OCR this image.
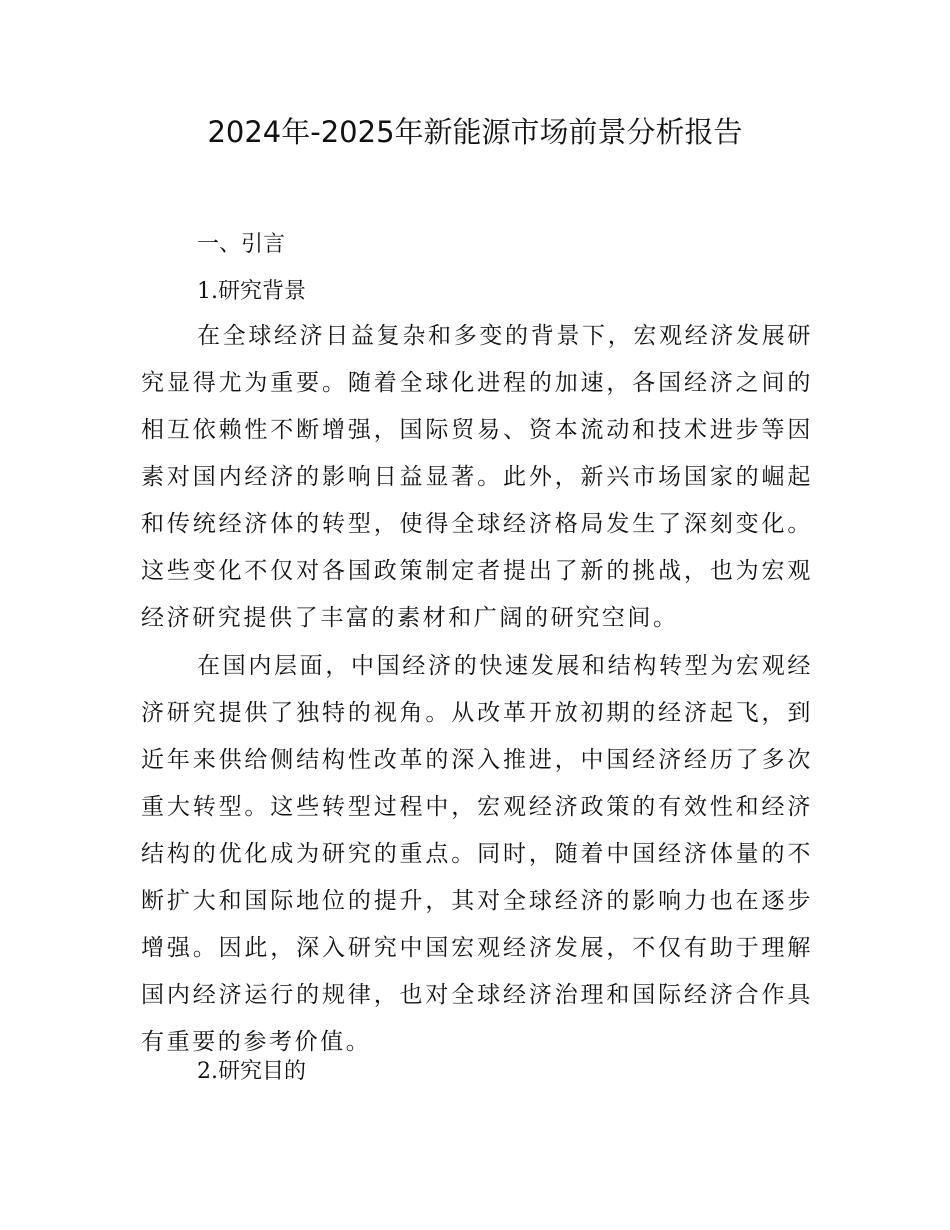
2024年-2025年新能源市场前景分析报告
一、引言
1.研究背景

在全球经济日益复杂和多变的背景下，宏观经济发展研究显得尤为重要。随着全球化进程的加速，各国经济之间的相互依赖性不断增强，国际贸易、资本流动和技术进步等因素对国内经济的影响日益显著。此外，新兴市场国家的崛起和传统经济体的转型，使得全球经济格局发生了深刻变化。这些变化不仅对各国政策制定者提出了新的挑战，也为宏观经济研究提供了丰富的素材和广阔的研究空间。

在国内层面，中国经济的快速发展和结构转型为宏观经济研究提供了独特的视角。从改革开放初期的经济起飞，到近年来供给侧结构性改革的深入推进，中国经济经历了多次重大转型。这些转型过程中，宏观经济政策的有效性和经济结构的优化成为研究的重点。同时，随着中国经济体量的不断扩大和国际地位的提升，其对全球经济的影响力也在逐步增强。因此，深入研究中国宏观经济发展，不仅有助于理解国内经济运行的规律，也对全球经济治理和国际经济合作具有重要的参考价值。

2.研究目的
